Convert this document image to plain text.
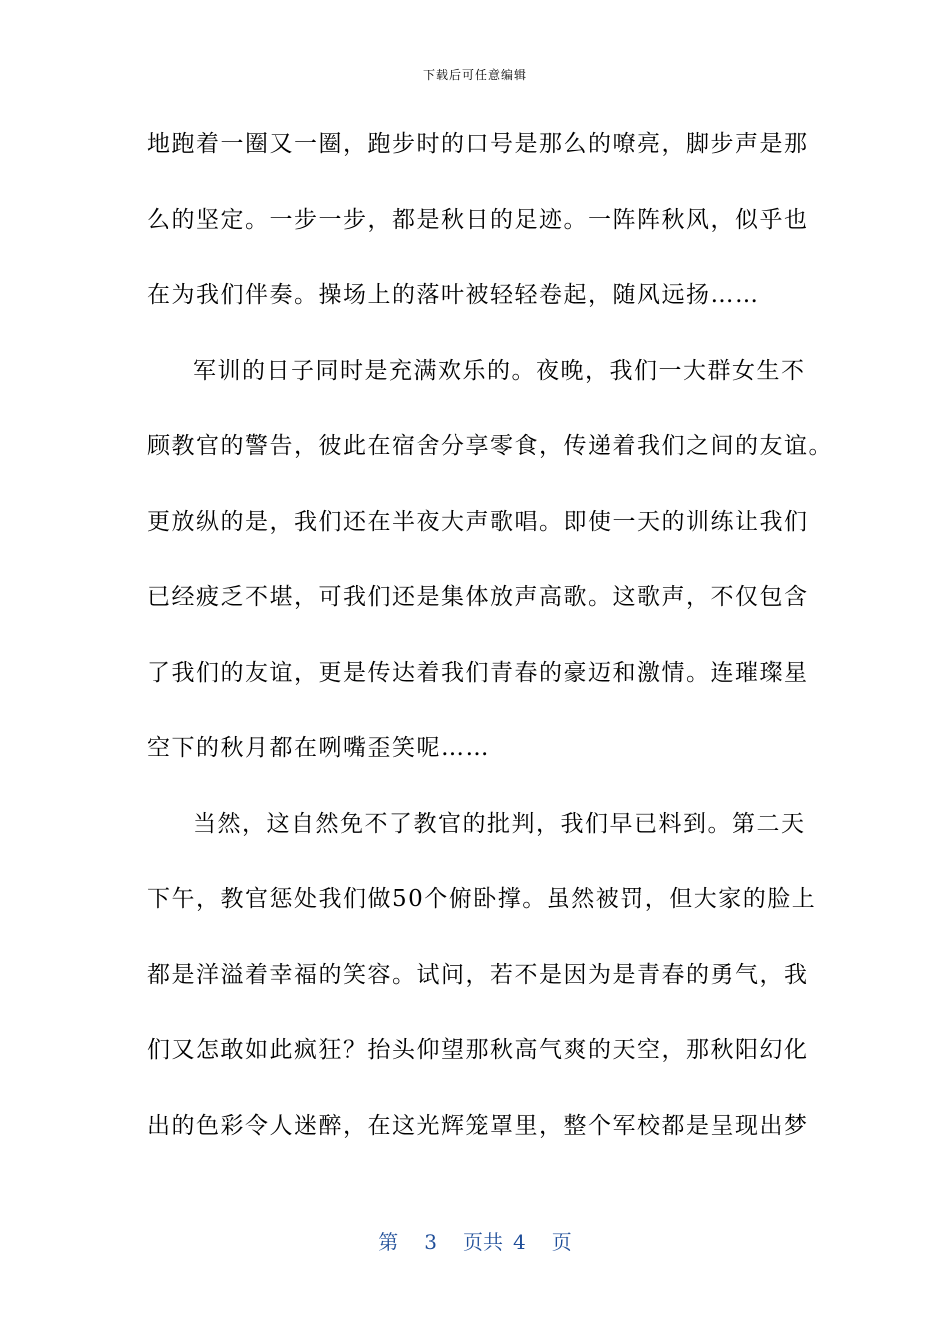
下载后可任意编辑
地跑着一圈又一圈，跑步时的口号是那么的嘹亮，脚步声是那
么的坚定。一步一步，都是秋日的足迹。一阵阵秋风，似乎也
在为我们伴奏。操场上的落叶被轻轻卷起，随风远扬……
军训的日子同时是充满欢乐的。夜晚，我们一大群女生不
顾教官的警告，彼此在宿舍分享零食，传递着我们之间的友谊。
更放纵的是，我们还在半夜大声歌唱。即使一天的训练让我们
已经疲乏不堪，可我们还是集体放声高歌。这歌声，不仅包含
了我们的友谊，更是传达着我们青春的豪迈和激情。连璀璨星
空下的秋月都在咧嘴歪笑呢……
当然，这自然免不了教官的批判，我们早已料到。第二天
下午，教官惩处我们做50个俯卧撑。虽然被罚，但大家的脸上
都是洋溢着幸福的笑容。试问，若不是因为是青春的勇气，我
们又怎敢如此疯狂？抬头仰望那秋高气爽的天空，那秋阳幻化
出的色彩令人迷醉，在这光辉笼罩里，整个军校都是呈现出梦
第 3 页共 4 页
